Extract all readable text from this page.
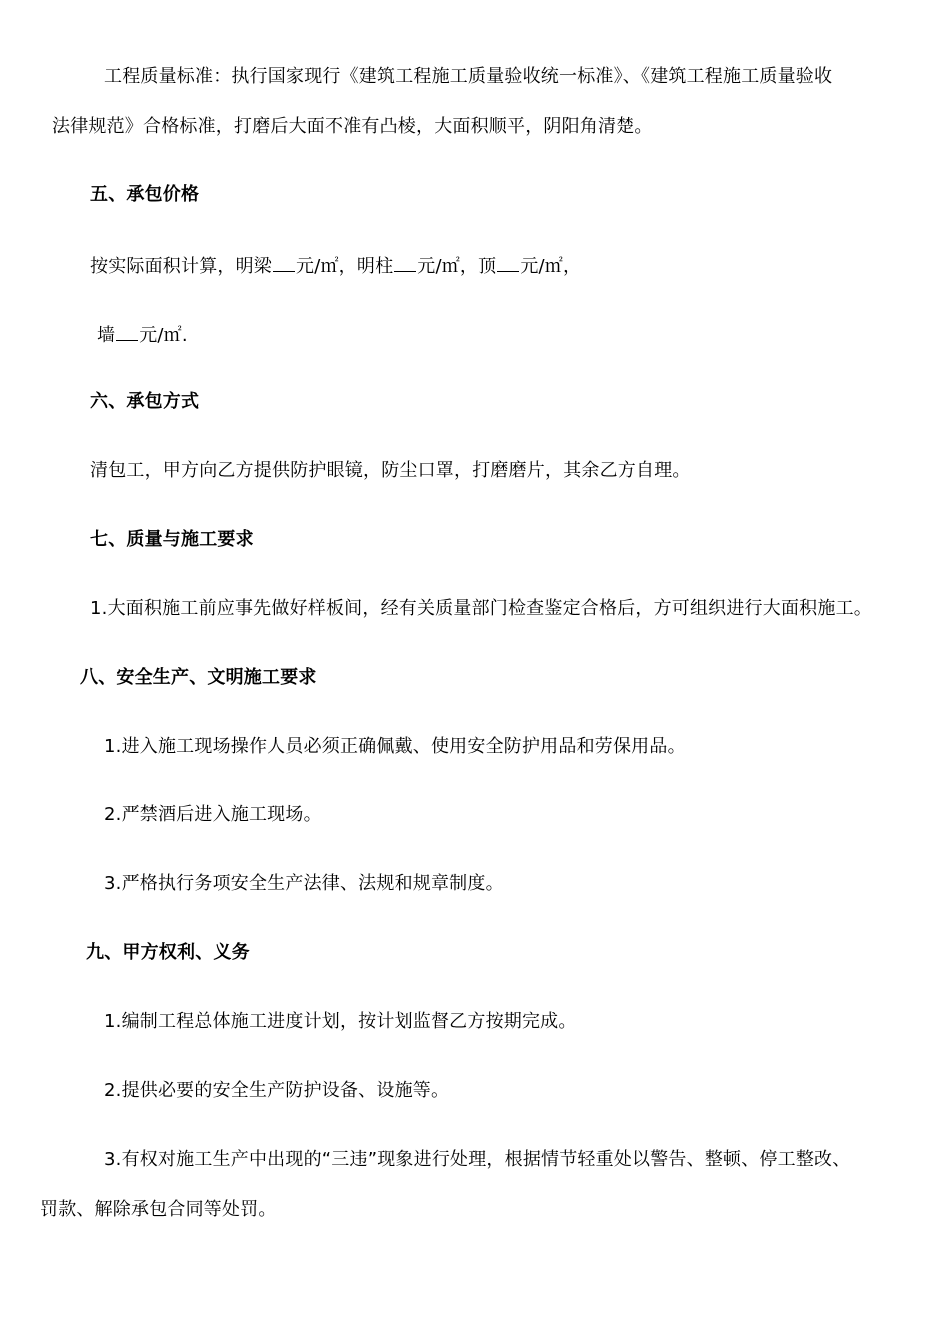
工程质量标准：执行国家现行《建筑工程施工质量验收统一标准》、《建筑工程施工质量验收
法律规范》合格标准，打磨后大面不准有凸棱，大面积顺平，阴阳角清楚。
五、承包价格
按实际面积计算，明梁 元/㎡，明柱 元/㎡，顶 元/㎡，
墙 元/㎡.
六、承包方式
清包工，甲方向乙方提供防护眼镜，防尘口罩，打磨磨片，其余乙方自理。
七、质量与施工要求
1.大面积施工前应事先做好样板间，经有关质量部门检查鉴定合格后，方可组织进行大面积施工。
八、安全生产、文明施工要求
1.进入施工现场操作人员必须正确佩戴、使用安全防护用品和劳保用品。
2.严禁酒后进入施工现场。
3.严格执行务项安全生产法律、法规和规章制度。
九、甲方权利、义务
1.编制工程总体施工进度计划，按计划监督乙方按期完成。
2.提供必要的安全生产防护设备、设施等。
3.有权对施工生产中出现的“三违”现象进行处理，根据情节轻重处以警告、整顿、停工整改、
罚款、解除承包合同等处罚。
